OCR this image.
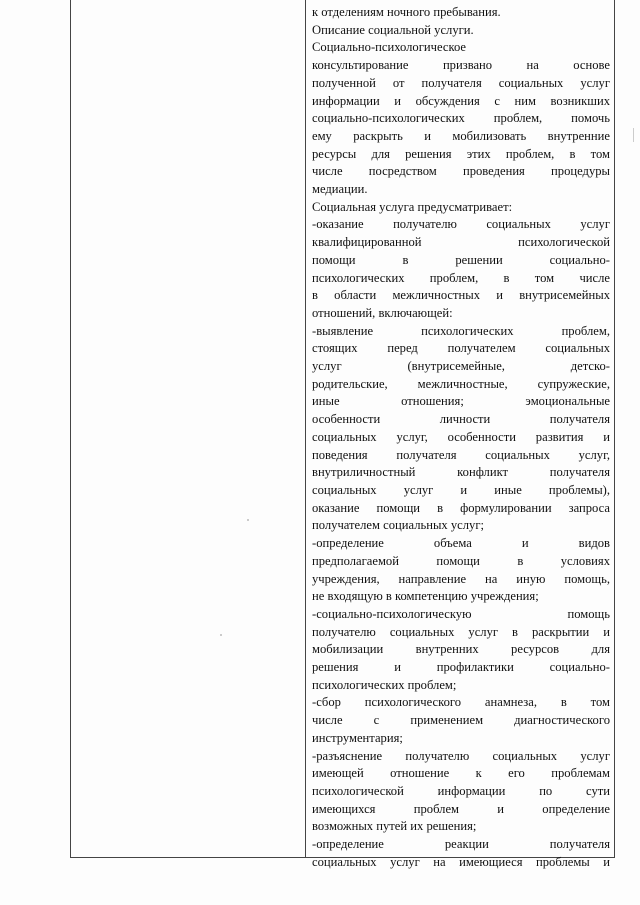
к отделениям ночного пребывания.
Описание социальной услуги.
Социально-психологическое
консультирование призвано на основе
полученной от получателя социальных услуг
информации и обсуждения с ним возникших
социально-психологических проблем, помочь
ему раскрыть и мобилизовать внутренние
ресурсы для решения этих проблем, в том
числе посредством проведения процедуры
медиации.
Социальная услуга предусматривает:
-оказание получателю социальных услуг
квалифицированной психологической
помощи в решении социально-
психологических проблем, в том числе
в области межличностных и внутрисемейных
отношений, включающей:
-выявление психологических проблем,
стоящих перед получателем социальных
услуг (внутрисемейные, детско-
родительские, межличностные, супружеские,
иные отношения; эмоциональные
особенности личности получателя
социальных услуг, особенности развития и
поведения получателя социальных услуг,
внутриличностный конфликт получателя
социальных услуг и иные проблемы),
оказание помощи в формулировании запроса
получателем социальных услуг;
-определение объема и видов
предполагаемой помощи в условиях
учреждения, направление на иную помощь,
не входящую в компетенцию учреждения;
-социально-психологическую помощь
получателю социальных услуг в раскрытии и
мобилизации внутренних ресурсов для
решения и профилактики социально-
психологических проблем;
-сбор психологического анамнеза, в том
числе с применением диагностического
инструментария;
-разъяснение получателю социальных услуг
имеющей отношение к его проблемам
психологической информации по сути
имеющихся проблем и определение
возможных путей их решения;
-определение реакции получателя
социальных услуг на имеющиеся проблемы и
